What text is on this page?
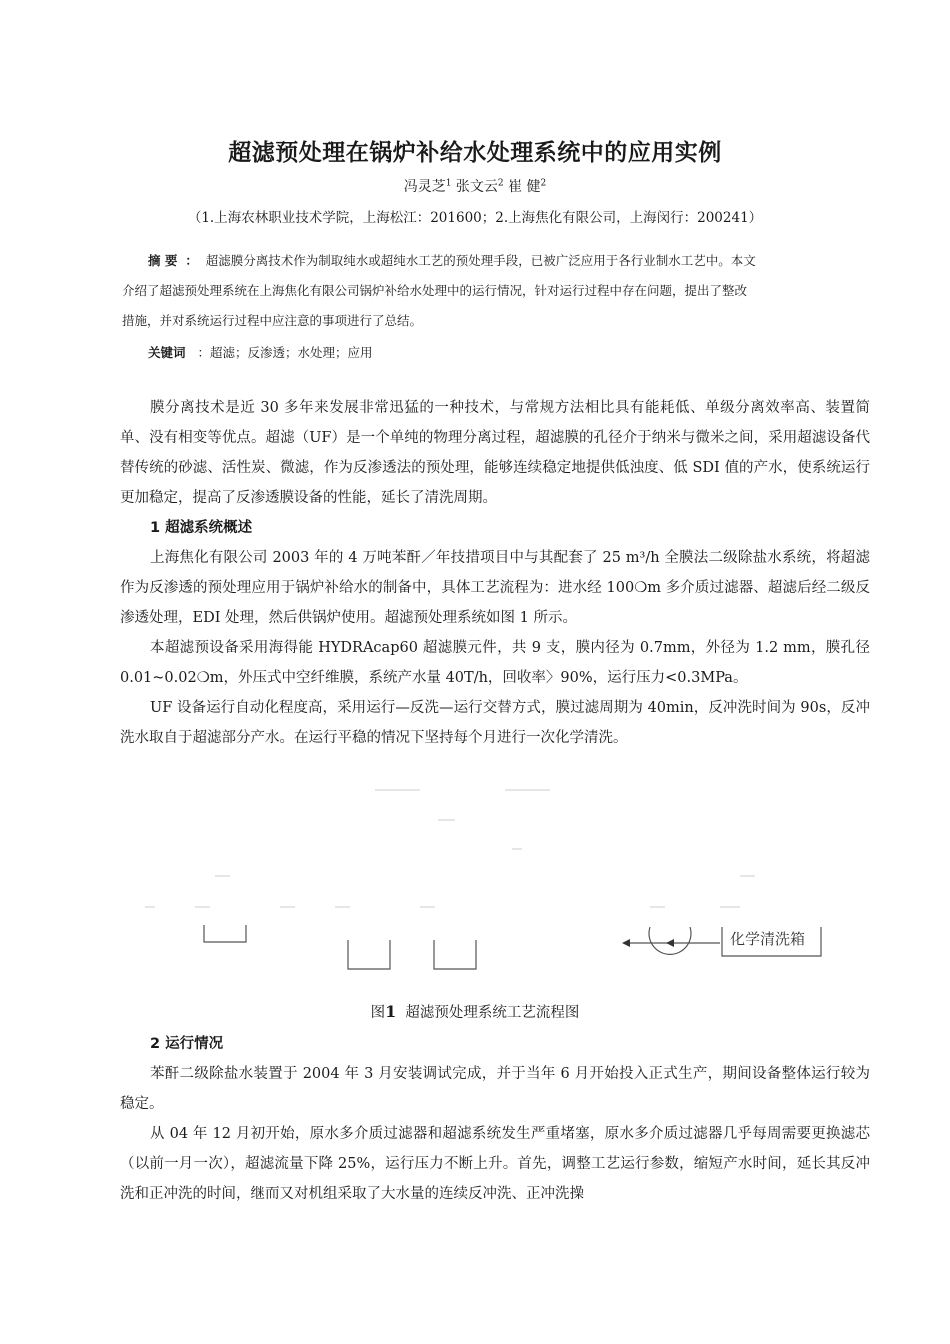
超滤预处理在锅炉补给水处理系统中的应用实例
冯灵芝$^1$ 张文云$^2$ 崔 健$^2$
（1.上海农林职业技术学院，上海松江：201600；2.上海焦化有限公司，上海闵行：200241）
摘 要 ： 超滤膜分离技术作为制取纯水或超纯水工艺的预处理手段，已被广泛应用于各行业制水工艺中。本文
介绍了超滤预处理系统在上海焦化有限公司锅炉补给水处理中的运行情况，针对运行过程中存在问题，提出了整改
措施，并对系统运行过程中应注意的事项进行了总结。
关键词 ：超滤；反渗透；水处理；应用

膜分离技术是近 30 多年来发展非常迅猛的一种技术，与常规方法相比具有能耗低、单级分离效率高、装置简单、没有相变等优点。超滤（UF）是一个单纯的物理分离过程，超滤膜的孔径介于纳米与微米之间，采用超滤设备代替传统的砂滤、活性炭、微滤，作为反渗透法的预处理，能够连续稳定地提供低浊度、低 SDI 值的产水，使系统运行更加稳定，提高了反渗透膜设备的性能，延长了清洗周期。

1 超滤系统概述

上海焦化有限公司 2003 年的 4 万吨苯酐／年技措项目中与其配套了 25 m³/h 全膜法二级除盐水系统，将超滤作为反渗透的预处理应用于锅炉补给水的制备中，具体工艺流程为：进水经 100❍m 多介质过滤器、超滤后经二级反渗透处理，EDI 处理，然后供锅炉使用。超滤预处理系统如图 1 所示。

本超滤预设备采用海得能 HYDRAcap60 超滤膜元件，共 9 支，膜内径为 0.7mm，外径为 1.2 mm，膜孔径 0.01~0.02❍m，外压式中空纤维膜，系统产水量 40T/h，回收率〉90%，运行压力<0.3MPa。

UF 设备运行自动化程度高，采用运行—反洗—运行交替方式，膜过滤周期为 40min，反冲洗时间为 90s，反冲洗水取自于超滤部分产水。在运行平稳的情况下坚持每个月进行一次化学清洗。

化学清洗箱
图1 超滤预处理系统工艺流程图
2 运行情况

苯酐二级除盐水装置于 2004 年 3 月安装调试完成，并于当年 6 月开始投入正式生产，期间设备整体运行较为稳定。

从 04 年 12 月初开始，原水多介质过滤器和超滤系统发生严重堵塞，原水多介质过滤器几乎每周需要更换滤芯（以前一月一次），超滤流量下降 25%，运行压力不断上升。首先，调整工艺运行参数，缩短产水时间，延长其反冲洗和正冲洗的时间，继而又对机组采取了大水量的连续反冲洗、正冲洗操
